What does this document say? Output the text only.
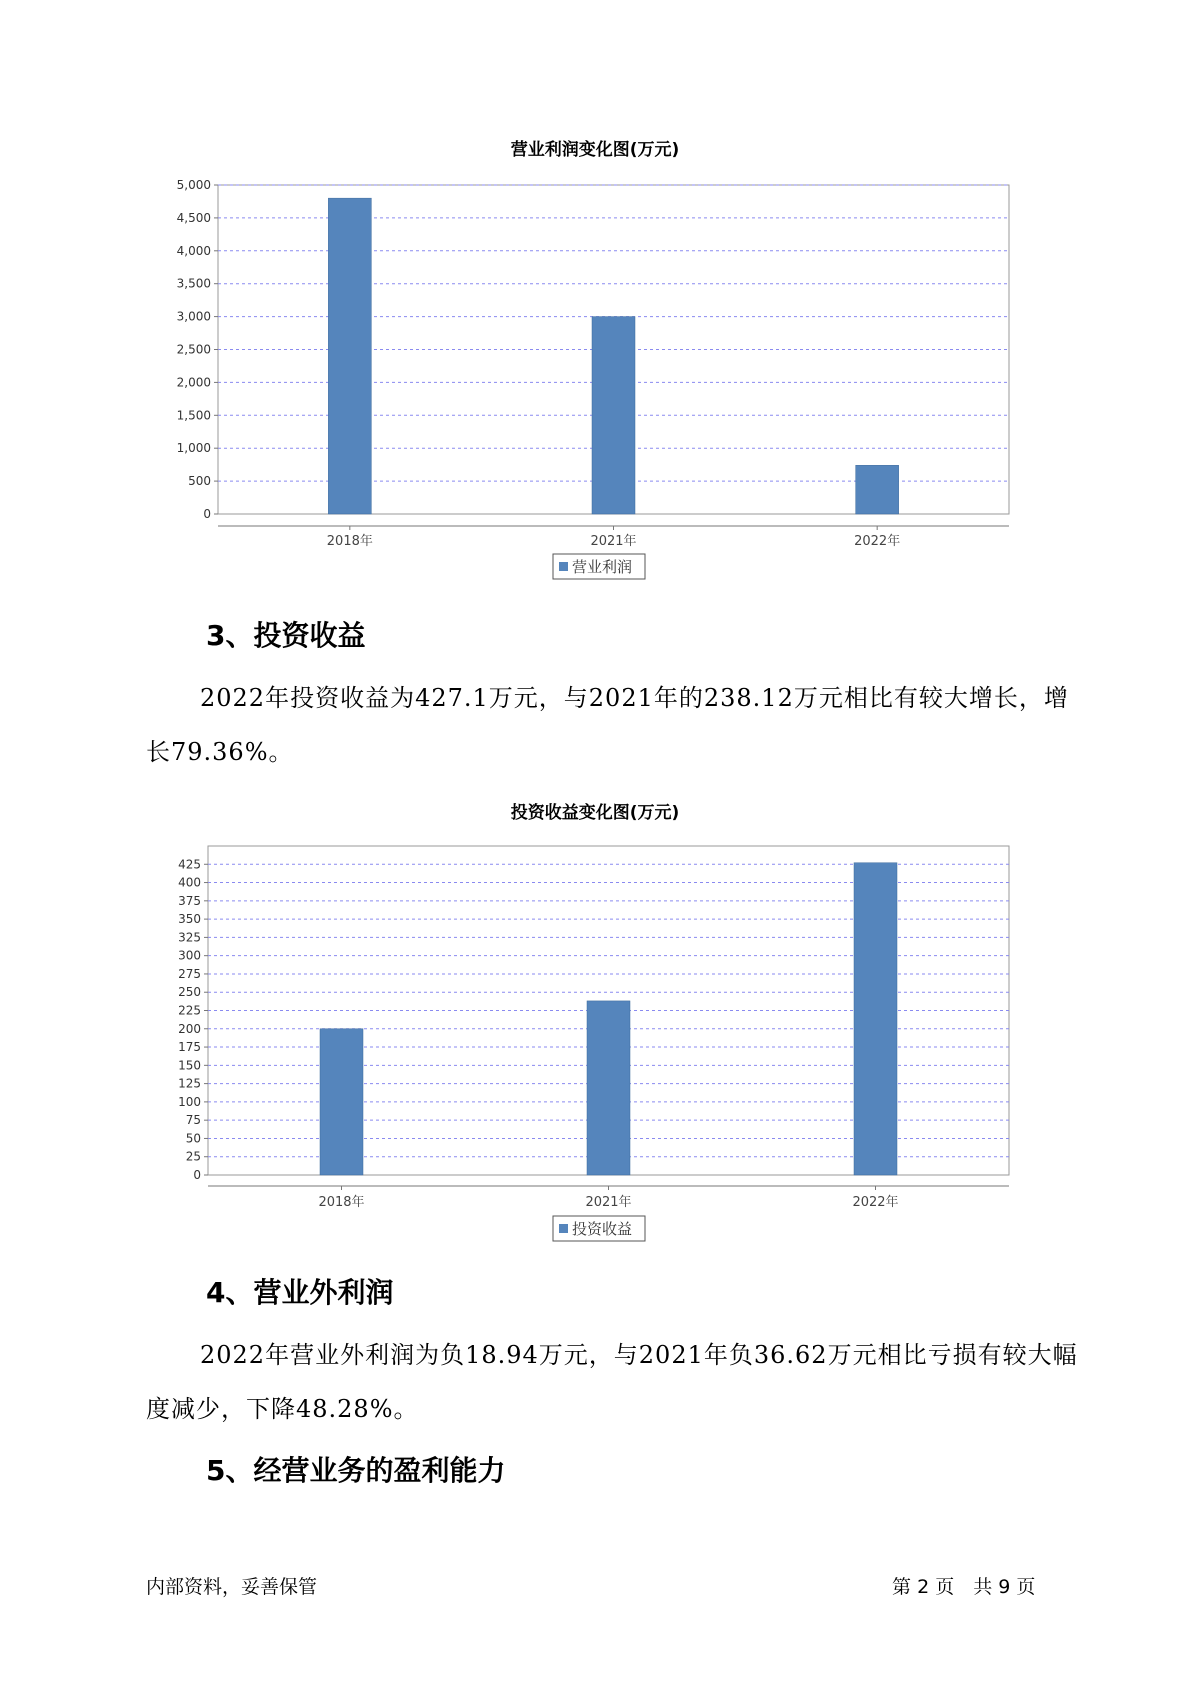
营业利润变化图(万元)
0
500
1,000
1,500
2,000
2,500
3,000
3,500
4,000
4,500
5,000
2018年	2021年	2022年
营业利润
3、投资收益

2022年投资收益为427.1万元，与2021年的238.12万元相比有较大增长，增长79.36%。

投资收益变化图(万元)
0
25
50
75
100
125
150
175
200
225
250
275
300
325
350
375
400
425
2018年	2021年	2022年
投资收益
4、营业外利润

2022年营业外利润为负18.94万元，与2021年负36.62万元相比亏损有较大幅度减少，下降48.28%。

5、经营业务的盈利能力
内部资料，妥善保管	第 2 页　共 9 页
